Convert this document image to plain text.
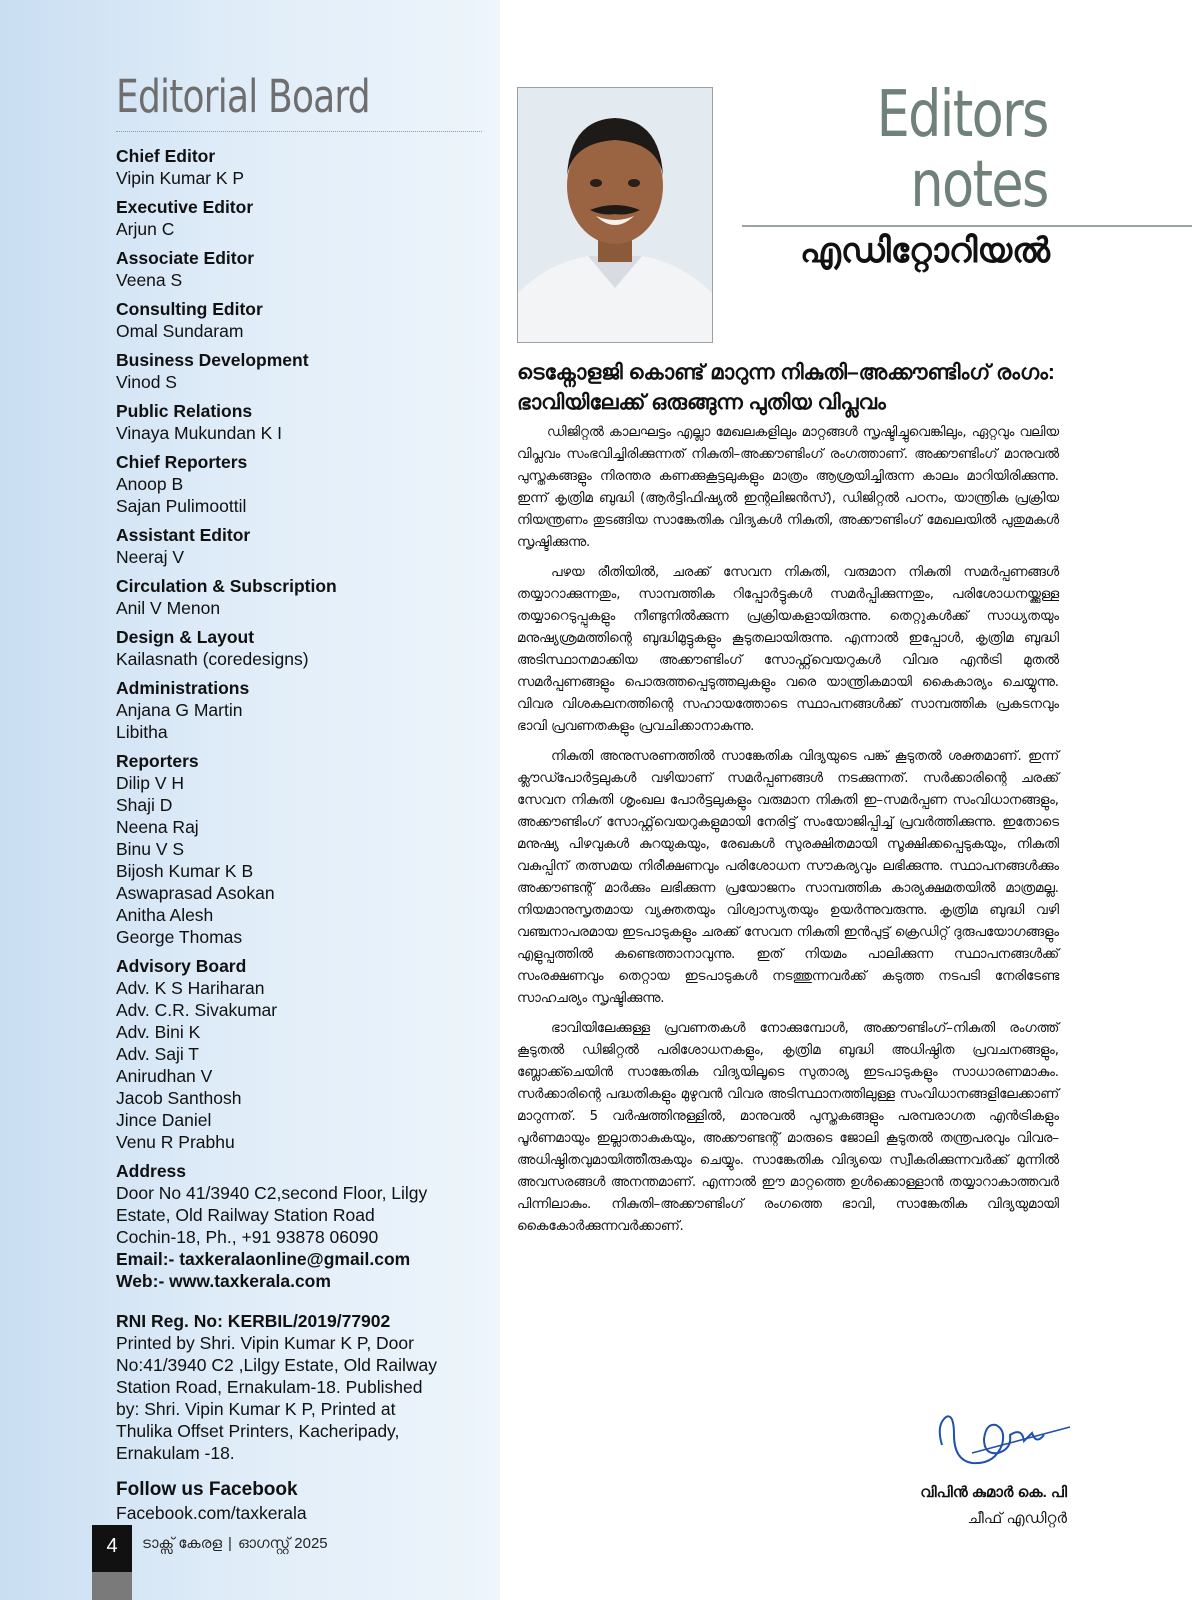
Editorial Board
Chief Editor
Vipin Kumar K P
Executive Editor
Arjun C
Associate Editor
Veena S
Consulting Editor
Omal Sundaram
Business Development
Vinod S
Public Relations
Vinaya Mukundan K I
Chief Reporters
Anoop B
Sajan Pulimoottil
Assistant Editor
Neeraj V
Circulation & Subscription
Anil V Menon
Design & Layout
Kailasnath (coredesigns)
Administrations
Anjana G Martin
Libitha
Reporters
Dilip V H
Shaji D
Neena Raj
Binu V S
Bijosh Kumar K B
Aswaprasad Asokan
Anitha Alesh
George Thomas
Advisory Board
Adv. K S Hariharan
Adv. C.R. Sivakumar
Adv. Bini K
Adv. Saji T
Anirudhan V
Jacob Santhosh
Jince Daniel
Venu R Prabhu
Address
Door No 41/3940 C2,second Floor, Lilgy
Estate, Old Railway Station Road
Cochin-18, Ph., +91 93878 06090
Email:- taxkeralaonline@gmail.com
Web:- www.taxkerala.com
RNI Reg. No: KERBIL/2019/77902
Printed by Shri. Vipin Kumar K P, Door
No:41/3940 C2 ,Lilgy Estate, Old Railway
Station Road, Ernakulam-18. Published
by: Shri. Vipin Kumar K P, Printed at
Thulika Offset Printers, Kacheripady,
Ernakulam -18.
Follow us Facebook
Facebook.com/taxkerala
4	ടാക്സ് കേരള | ഓഗസ്റ്റ് 2025
Editors
notes
എഡിറ്റോറിയൽ
ടെക്നോളജി കൊണ്ട് മാറുന്ന നികുതി–അക്കൗണ്ടിംഗ് രംഗം: ഭാവിയിലേക്ക് ഒരുങ്ങുന്ന പുതിയ വിപ്ലവം

ഡിജിറ്റൽ കാലഘട്ടം എല്ലാ മേഖലകളിലും മാറ്റങ്ങൾ സൃഷ്ടിച്ചുവെങ്കിലും, ഏറ്റവും വലിയ വിപ്ലവം സംഭവിച്ചിരിക്കുന്നത് നികുതി–അക്കൗണ്ടിംഗ് രംഗത്താണ്. അക്കൗണ്ടിംഗ് മാനുവൽ പുസ്തകങ്ങളും നിരന്തര കണക്കുകൂട്ടലുകളും മാത്രം ആശ്രയിച്ചിരുന്ന കാലം മാറിയിരിക്കുന്നു. ഇന്ന് കൃത്രിമ ബുദ്ധി (ആർട്ടിഫിഷ്യൽ ഇന്റലിജൻസ്), ഡിജിറ്റൽ പഠനം, യാന്ത്രിക പ്രക്രിയ നിയന്ത്രണം തുടങ്ങിയ സാങ്കേതിക വിദ്യകൾ നികുതി, അക്കൗണ്ടിംഗ് മേഖലയിൽ പുതുമകൾ സൃഷ്ടിക്കുന്നു.

പഴയ രീതിയിൽ, ചരക്ക് സേവന നികുതി, വരുമാന നികുതി സമർപ്പണങ്ങൾ തയ്യാറാക്കുന്നതും, സാമ്പത്തിക റിപ്പോർട്ടുകൾ സമർപ്പിക്കുന്നതും, പരിശോധനയ്ക്കുള്ള തയ്യാറെടുപ്പുകളും നീണ്ടുനിൽക്കുന്ന പ്രക്രിയകളായിരുന്നു. തെറ്റുകൾക്ക് സാധ്യതയും മനുഷ്യശ്രമത്തിന്റെ ബുദ്ധിമുട്ടുകളും കൂടുതലായിരുന്നു. എന്നാൽ ഇപ്പോൾ, കൃത്രിമ ബുദ്ധി അടിസ്ഥാനമാക്കിയ അക്കൗണ്ടിംഗ് സോഫ്റ്റ്‌വെയറുകൾ വിവര എൻട്രി മുതൽ സമർപ്പണങ്ങളും പൊരുത്തപ്പെടുത്തലുകളും വരെ യാന്ത്രികമായി കൈകാര്യം ചെയ്യുന്നു. വിവര വിശകലനത്തിന്റെ സഹായത്തോടെ സ്ഥാപനങ്ങൾക്ക് സാമ്പത്തിക പ്രകടനവും ഭാവി പ്രവണതകളും പ്രവചിക്കാനാകുന്നു.

നികുതി അനുസരണത്തിൽ സാങ്കേതിക വിദ്യയുടെ പങ്ക് കൂടുതൽ ശക്തമാണ്. ഇന്ന് ക്ലൗഡ്പോർട്ടലുകൾ വഴിയാണ് സമർപ്പണങ്ങൾ നടക്കുന്നത്. സർക്കാരിന്റെ ചരക്ക് സേവന നികുതി ശൃംഖല പോർട്ടലുകളും വരുമാന നികുതി ഇ–സമർപ്പണ സംവിധാനങ്ങളും, അക്കൗണ്ടിംഗ് സോഫ്റ്റ്‌വെയറുകളുമായി നേരിട്ട് സംയോജിപ്പിച്ച് പ്രവർത്തിക്കുന്നു. ഇതോടെ മനുഷ്യ പിഴവുകൾ കുറയുകയും, രേഖകൾ സുരക്ഷിതമായി സൂക്ഷിക്കപ്പെടുകയും, നികുതി വകുപ്പിന് തത്സമയ നിരീക്ഷണവും പരിശോധന സൗകര്യവും ലഭിക്കുന്നു. സ്ഥാപനങ്ങൾക്കും അക്കൗണ്ടന്റ് മാർക്കും ലഭിക്കുന്ന പ്രയോജനം സാമ്പത്തിക കാര്യക്ഷമതയിൽ മാത്രമല്ല. നിയമാനുസൃതമായ വ്യക്തതയും വിശ്വാസ്യതയും ഉയർന്നുവരുന്നു. കൃത്രിമ ബുദ്ധി വഴി വഞ്ചനാപരമായ ഇടപാടുകളും ചരക്ക് സേവന നികുതി ഇൻപുട്ട് ക്രെഡിറ്റ് ദുരുപയോഗങ്ങളും എളുപ്പത്തിൽ കണ്ടെത്താനാവുന്നു. ഇത് നിയമം പാലിക്കുന്ന സ്ഥാപനങ്ങൾക്ക് സംരക്ഷണവും തെറ്റായ ഇടപാടുകൾ നടത്തുന്നവർക്ക് കടുത്ത നടപടി നേരിടേണ്ട സാഹചര്യം സൃഷ്ടിക്കുന്നു.

ഭാവിയിലേക്കുള്ള പ്രവണതകൾ നോക്കുമ്പോൾ, അക്കൗണ്ടിംഗ്–നികുതി രംഗത്ത് കൂടുതൽ ഡിജിറ്റൽ പരിശോധനകളും, കൃത്രിമ ബുദ്ധി അധിഷ്ഠിത പ്രവചനങ്ങളും, ബ്ലോക്ക്ചെയിൻ സാങ്കേതിക വിദ്യയിലൂടെ സുതാര്യ ഇടപാടുകളും സാധാരണമാകും. സർക്കാരിന്റെ പദ്ധതികളും മുഴുവൻ വിവര അടിസ്ഥാനത്തിലുള്ള സംവിധാനങ്ങളിലേക്കാണ് മാറുന്നത്. 5 വർഷത്തിനുള്ളിൽ, മാനുവൽ പുസ്തകങ്ങളും പരമ്പരാഗത എൻട്രികളും പൂർണമായും ഇല്ലാതാകുകയും, അക്കൗണ്ടന്റ് മാരുടെ ജോലി കൂടുതൽ തന്ത്രപരവും വിവര–അധിഷ്ഠിതവുമായിത്തീരുകയും ചെയ്യും. സാങ്കേതിക വിദ്യയെ സ്വീകരിക്കുന്നവർക്ക് മുന്നിൽ അവസരങ്ങൾ അനന്തമാണ്. എന്നാൽ ഈ മാറ്റത്തെ ഉൾക്കൊള്ളാൻ തയ്യാറാകാത്തവർ പിന്നിലാകും. നികുതി–അക്കൗണ്ടിംഗ് രംഗത്തെ ഭാവി, സാങ്കേതിക വിദ്യയുമായി കൈകോർക്കുന്നവർക്കാണ്.

വിപിൻ കുമാർ കെ. പി
ചീഫ് എഡിറ്റർ
